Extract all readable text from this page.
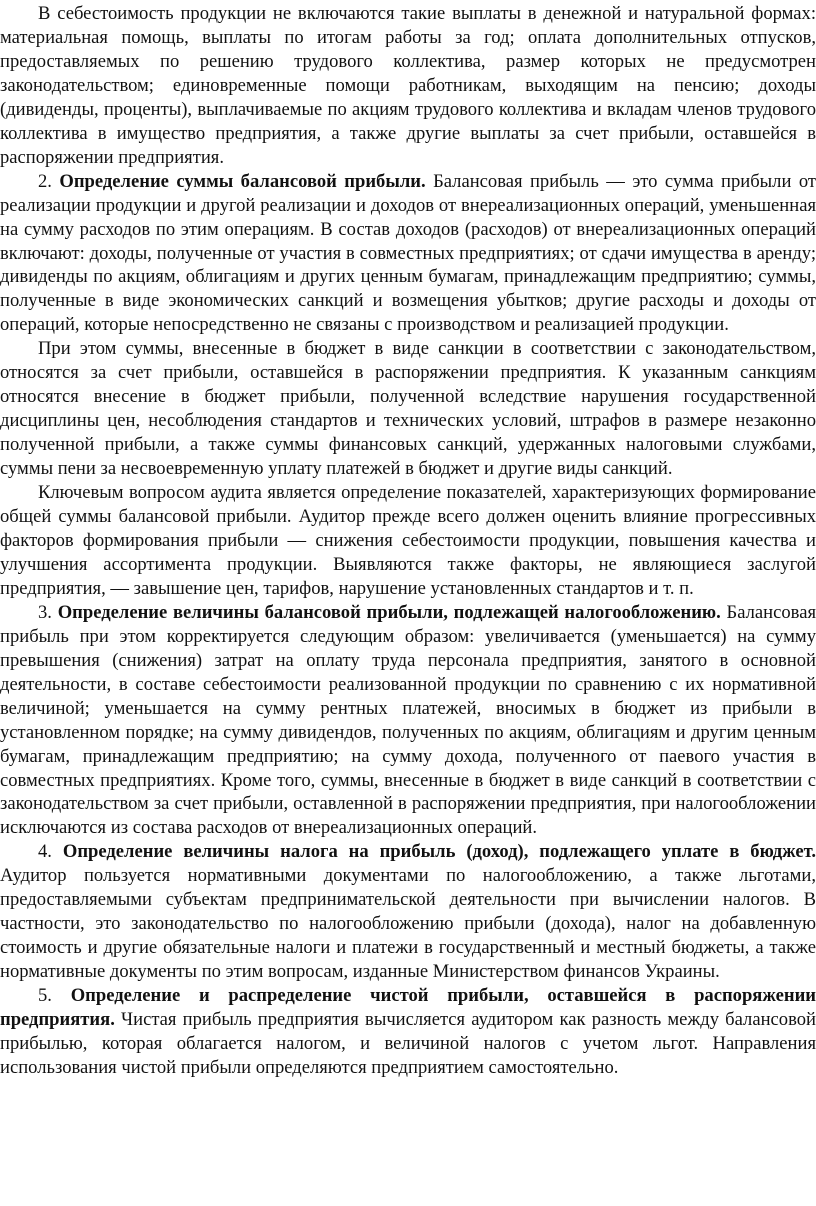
В себестоимость продукции не включаются такие выплаты в денежной и натуральной формах: материальная помощь, выплаты по итогам работы за год; оплата дополнительных отпусков, предоставляемых по решению трудового коллектива, размер которых не предусмотрен законодательством; единовременные помощи работникам, выходящим на пенсию; доходы (дивиденды, проценты), выплачиваемые по акциям трудового коллектива и вкладам членов трудового коллектива в имущество предприятия, а также другие выплаты за счет прибыли, оставшейся в распоряжении предприятия.

2. Определение суммы балансовой прибыли. Балансовая прибыль — это сумма прибыли от реализации продукции и другой реализации и доходов от внереализационных операций, уменьшенная на сумму расходов по этим операциям. В состав доходов (расходов) от внереализационных операций включают: доходы, полученные от участия в совместных предприятиях; от сдачи имущества в аренду; дивиденды по акциям, облигациям и других ценным бумагам, принадлежащим предприятию; суммы, полученные в виде экономических санкций и возмещения убытков; другие расходы и доходы от операций, которые непосредственно не связаны с производством и реализацией продукции.

При этом суммы, внесенные в бюджет в виде санкции в соответствии с законодательством, относятся за счет прибыли, оставшейся в распоряжении предприятия. К указанным санкциям относятся внесение в бюджет прибыли, полученной вследствие нарушения государственной дисциплины цен, несоблюдения стандартов и технических условий, штрафов в размере незаконно полученной прибыли, а также суммы финансовых санкций, удержанных налоговыми службами, суммы пени за несвоевременную уплату платежей в бюджет и другие виды санкций.

Ключевым вопросом аудита является определение показателей, характеризующих формирование общей суммы балансовой прибыли. Аудитор прежде всего должен оценить влияние прогрессивных факторов формирования прибыли — снижения себестоимости продукции, повышения качества и улучшения ассортимента продукции. Выявляются также факторы, не являющиеся заслугой предприятия, — завышение цен, тарифов, нарушение установленных стандартов и т. п.

3. Определение величины балансовой прибыли, подлежащей налогообложению. Балансовая прибыль при этом корректируется следующим образом: увеличивается (уменьшается) на сумму превышения (снижения) затрат на оплату труда персонала предприятия, занятого в основной деятельности, в составе себестоимости реализованной продукции по сравнению с их нормативной величиной; уменьшается на сумму рентных платежей, вносимых в бюджет из прибыли в установленном порядке; на сумму дивидендов, полученных по акциям, облигациям и другим ценным бумагам, принадлежащим предприятию; на сумму дохода, полученного от паевого участия в совместных предприятиях. Кроме того, суммы, внесенные в бюджет в виде санкций в соответствии с законодательством за счет прибыли, оставленной в распоряжении предприятия, при налогообложении исключаются из состава расходов от внереализационных операций.

4. Определение величины налога на прибыль (доход), подлежащего уплате в бюджет. Аудитор пользуется нормативными документами по налогообложению, а также льготами, предоставляемыми субъектам предпринимательской деятельности при вычислении налогов. В частности, это законодательство по налогообложению прибыли (дохода), налог на добавленную стоимость и другие обязательные налоги и платежи в государственный и местный бюджеты, а также нормативные документы по этим вопросам, изданные Министерством финансов Украины.

5. Определение и распределение чистой прибыли, оставшейся в распоряжении предприятия. Чистая прибыль предприятия вычисляется аудитором как разность между балансовой прибылью, которая облагается налогом, и величиной налогов с учетом льгот. Направления использования чистой прибыли определяются предприятием самостоятельно.
